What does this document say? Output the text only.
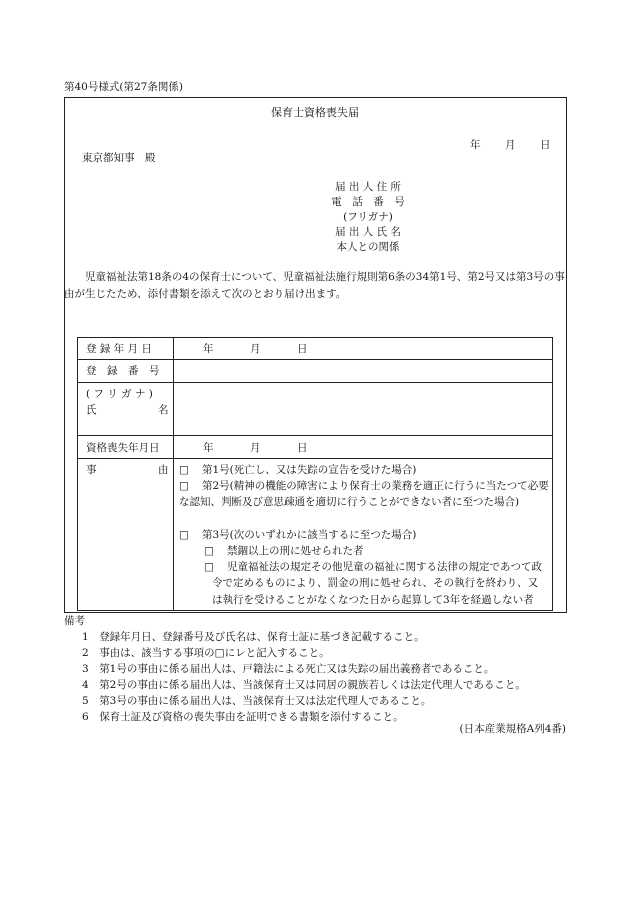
第40号様式(第27条関係)
保育士資格喪失届
年 月 日
東京都知事　殿
届 出 人 住 所
電　話　番　号
(フリガナ)
届 出 人 氏 名
本人との関係

児童福祉法第18条の4の保育士について、児童福祉法施行規則第6条の34第1号、第2号又は第3号の事由が生じたため、添付書類を添えて次のとおり届け出ます。

登 録 年 月 日	年	月	日
登　録　番　号
( フ リ ガ ナ )
氏	名
資格喪失年月日	年	月	日
事	由 □ 第1号(死亡し、又は失踪の宣告を受けた場合)
□	第2号(精神の機能の障害により保育士の業務を適正に行うに当たつて必要な認知、判断及び意思疎通を適切に行うことができない者に至つた場合)
□ 第3号(次のいずれかに該当するに至つた場合)
□ 禁錮以上の刑に処せられた者
□	児童福祉法の規定その他児童の福祉に関する法律の規定であつて政令で定めるものにより、罰金の刑に処せられ、その執行を終わり、又は執行を受けることがなくなつた日から起算して3年を経過しない者
備考
1　 登録年月日、登録番号及び氏名は、保育士証に基づき記載すること。
2　 事由は、該当する事項の□にレと記入すること。
3　 第1号の事由に係る届出人は、戸籍法による死亡又は失踪の届出義務者であること。
4　 第2号の事由に係る届出人は、当該保育士又は同居の親族若しくは法定代理人であること。
5　 第3号の事由に係る届出人は、当該保育士又は法定代理人であること。
6　 保育士証及び資格の喪失事由を証明できる書類を添付すること。
(日本産業規格A列4番)
